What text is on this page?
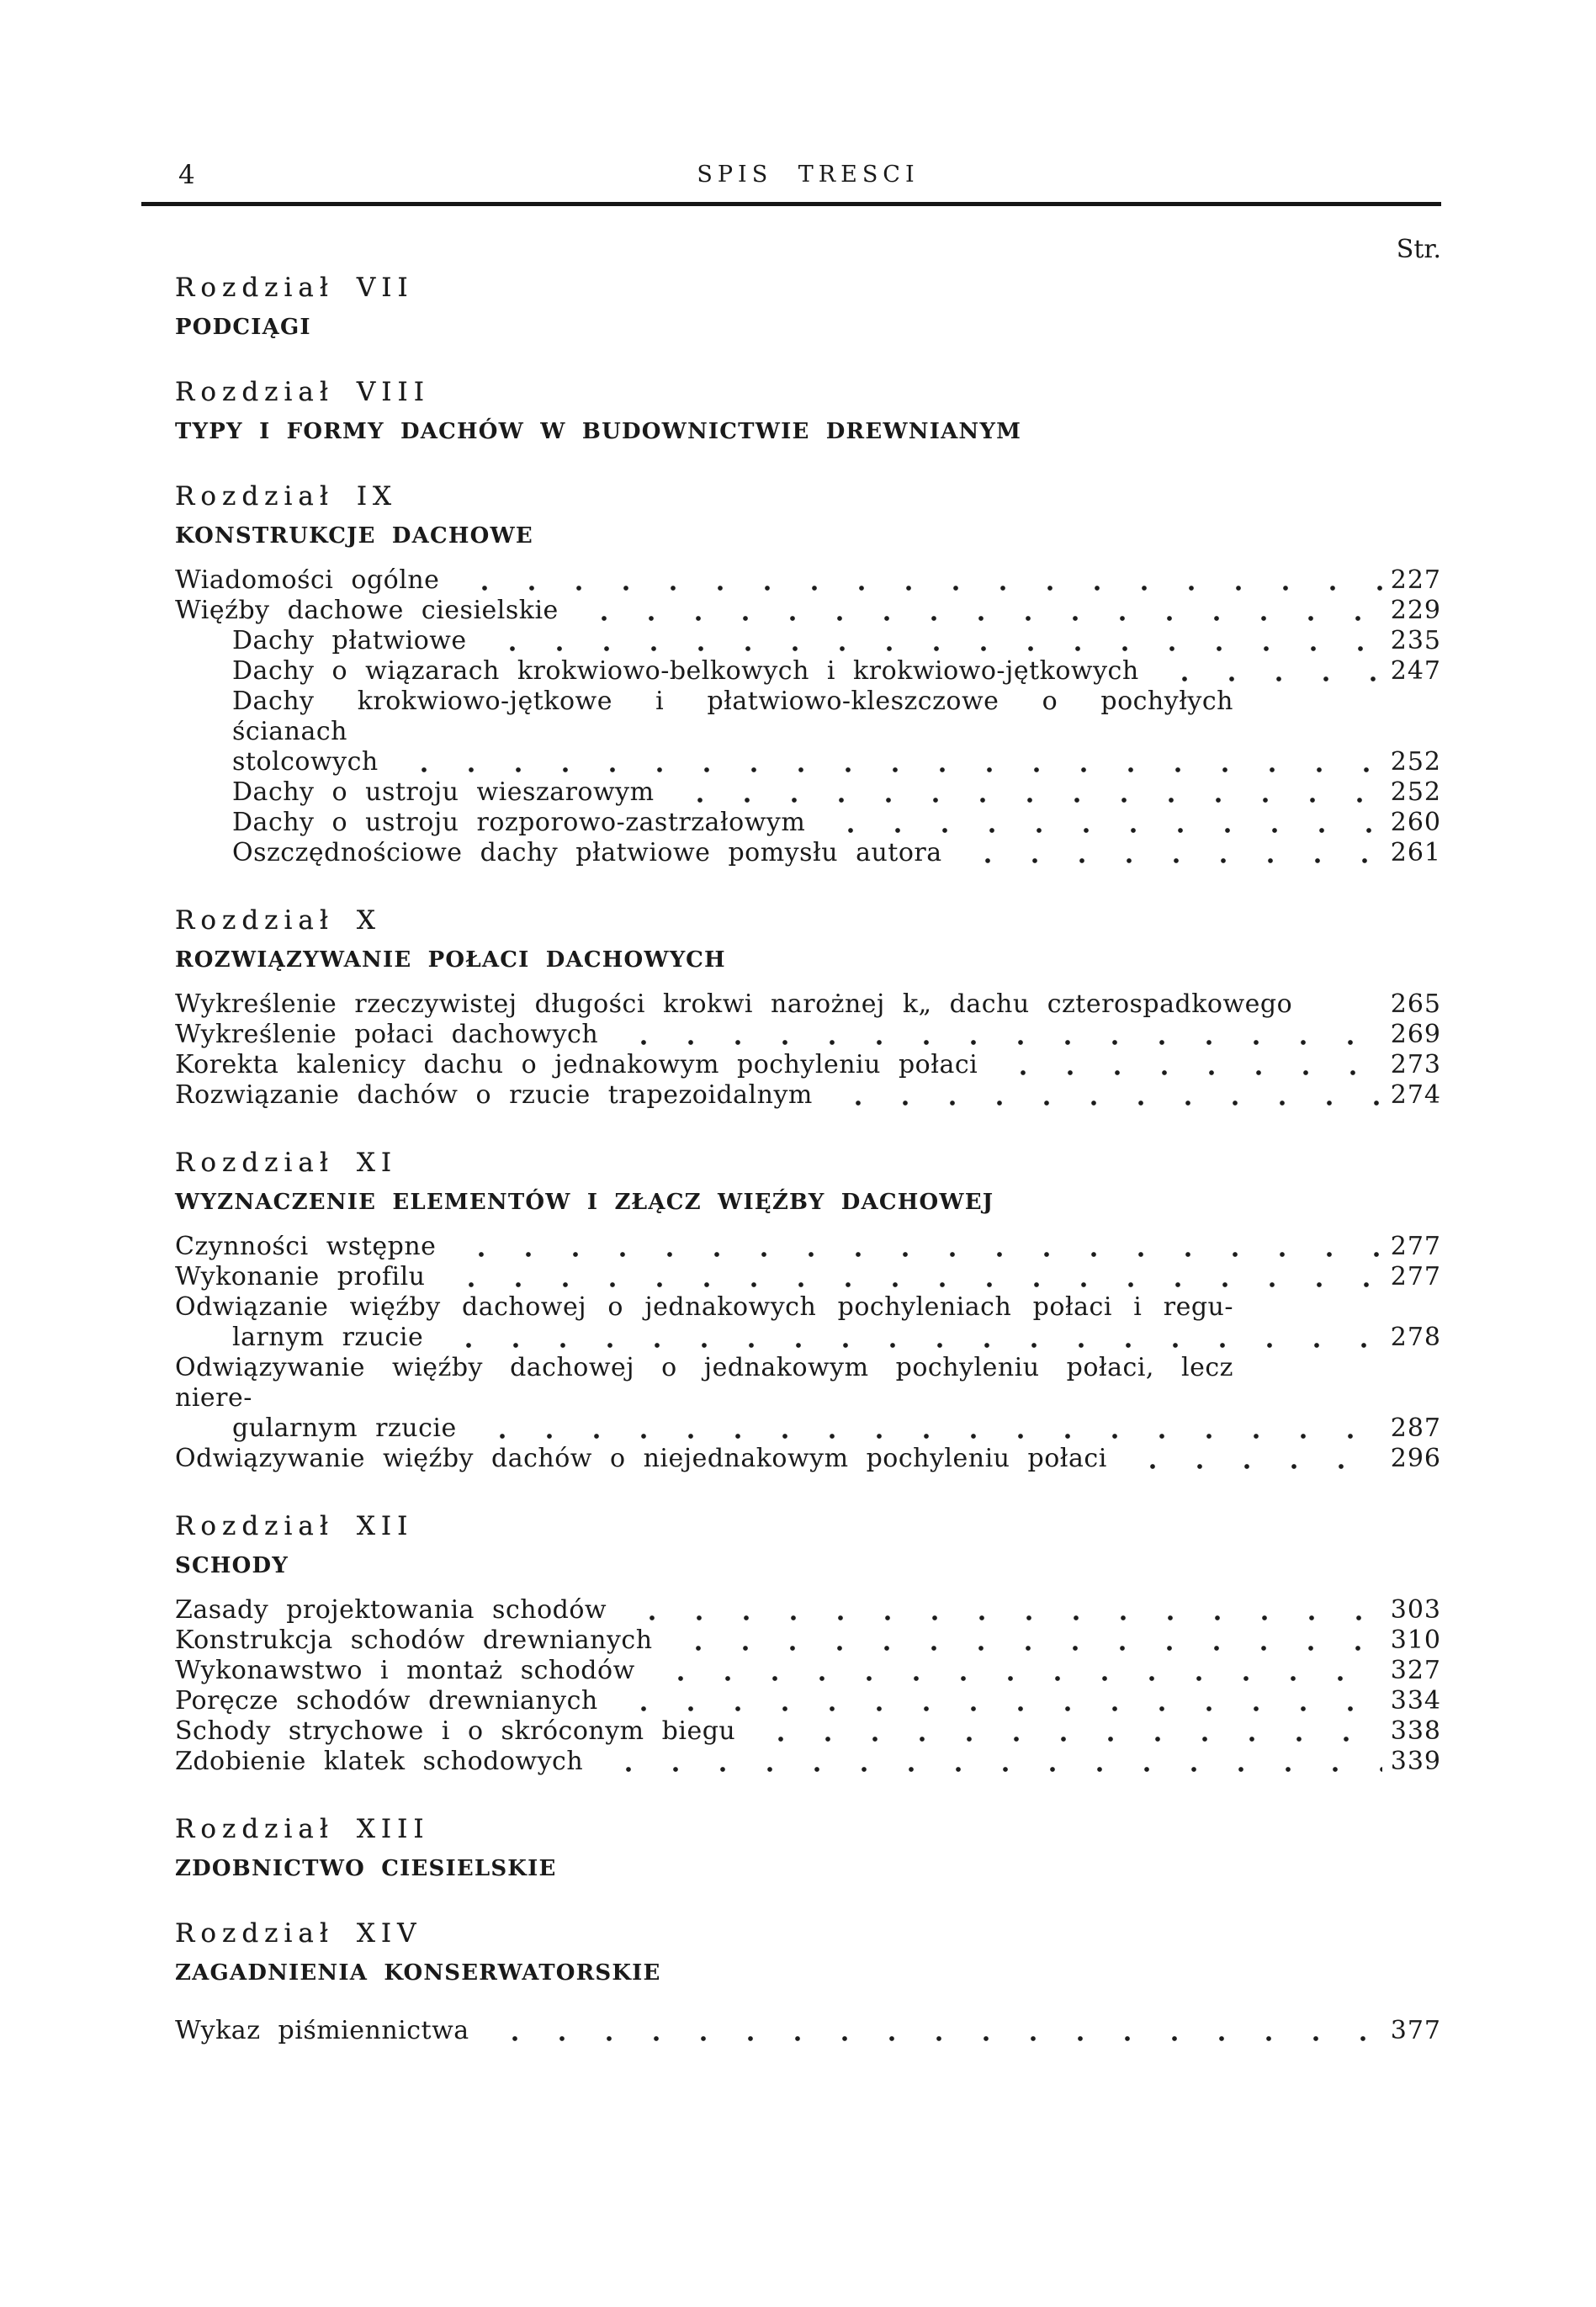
4	SPIS TRESCI
Str.
Rozdział VII
PODCIĄGI
Rozdział VIII
TYPY I FORMY DACHÓW W BUDOWNICTWIE DREWNIANYM
Rozdział IX
KONSTRUKCJE DACHOWE
Wiadomości ogólne	227
Więźby dachowe ciesielskie	229
Dachy płatwiowe	235
Dachy o wiązarach krokwiowo-belkowych i krokwiowo-jętkowych	247
Dachy krokwiowo-jętkowe i płatwiowo-kleszczowe o pochyłych ścianach
stolcowych	252
Dachy o ustroju wieszarowym	252
Dachy o ustroju rozporowo-zastrzałowym	260
Oszczędnościowe dachy płatwiowe pomysłu autora	261
Rozdział X
ROZWIĄZYWANIE POŁACI DACHOWYCH
Wykreślenie rzeczywistej długości krokwi narożnej k„ dachu czterospadkowego	265
Wykreślenie połaci dachowych	269
Korekta kalenicy dachu o jednakowym pochyleniu połaci	273
Rozwiązanie dachów o rzucie trapezoidalnym	274
Rozdział XI
WYZNACZENIE ELEMENTÓW I ZŁĄCZ WIĘŹBY DACHOWEJ
Czynności wstępne	277
Wykonanie profilu	277
Odwiązanie więźby dachowej o jednakowych pochyleniach połaci i regu-
larnym rzucie	278
Odwiązywanie więźby dachowej o jednakowym pochyleniu połaci, lecz niere-
gularnym rzucie	287
Odwiązywanie więźby dachów o niejednakowym pochyleniu połaci	296
Rozdział XII
SCHODY
Zasady projektowania schodów	303
Konstrukcja schodów drewnianych	310
Wykonawstwo i montaż schodów	327
Poręcze schodów drewnianych	334
Schody strychowe i o skróconym biegu	338
Zdobienie klatek schodowych	339
Rozdział XIII
ZDOBNICTWO CIESIELSKIE
Rozdział XIV
ZAGADNIENIA KONSERWATORSKIE
Wykaz piśmiennictwa	377
